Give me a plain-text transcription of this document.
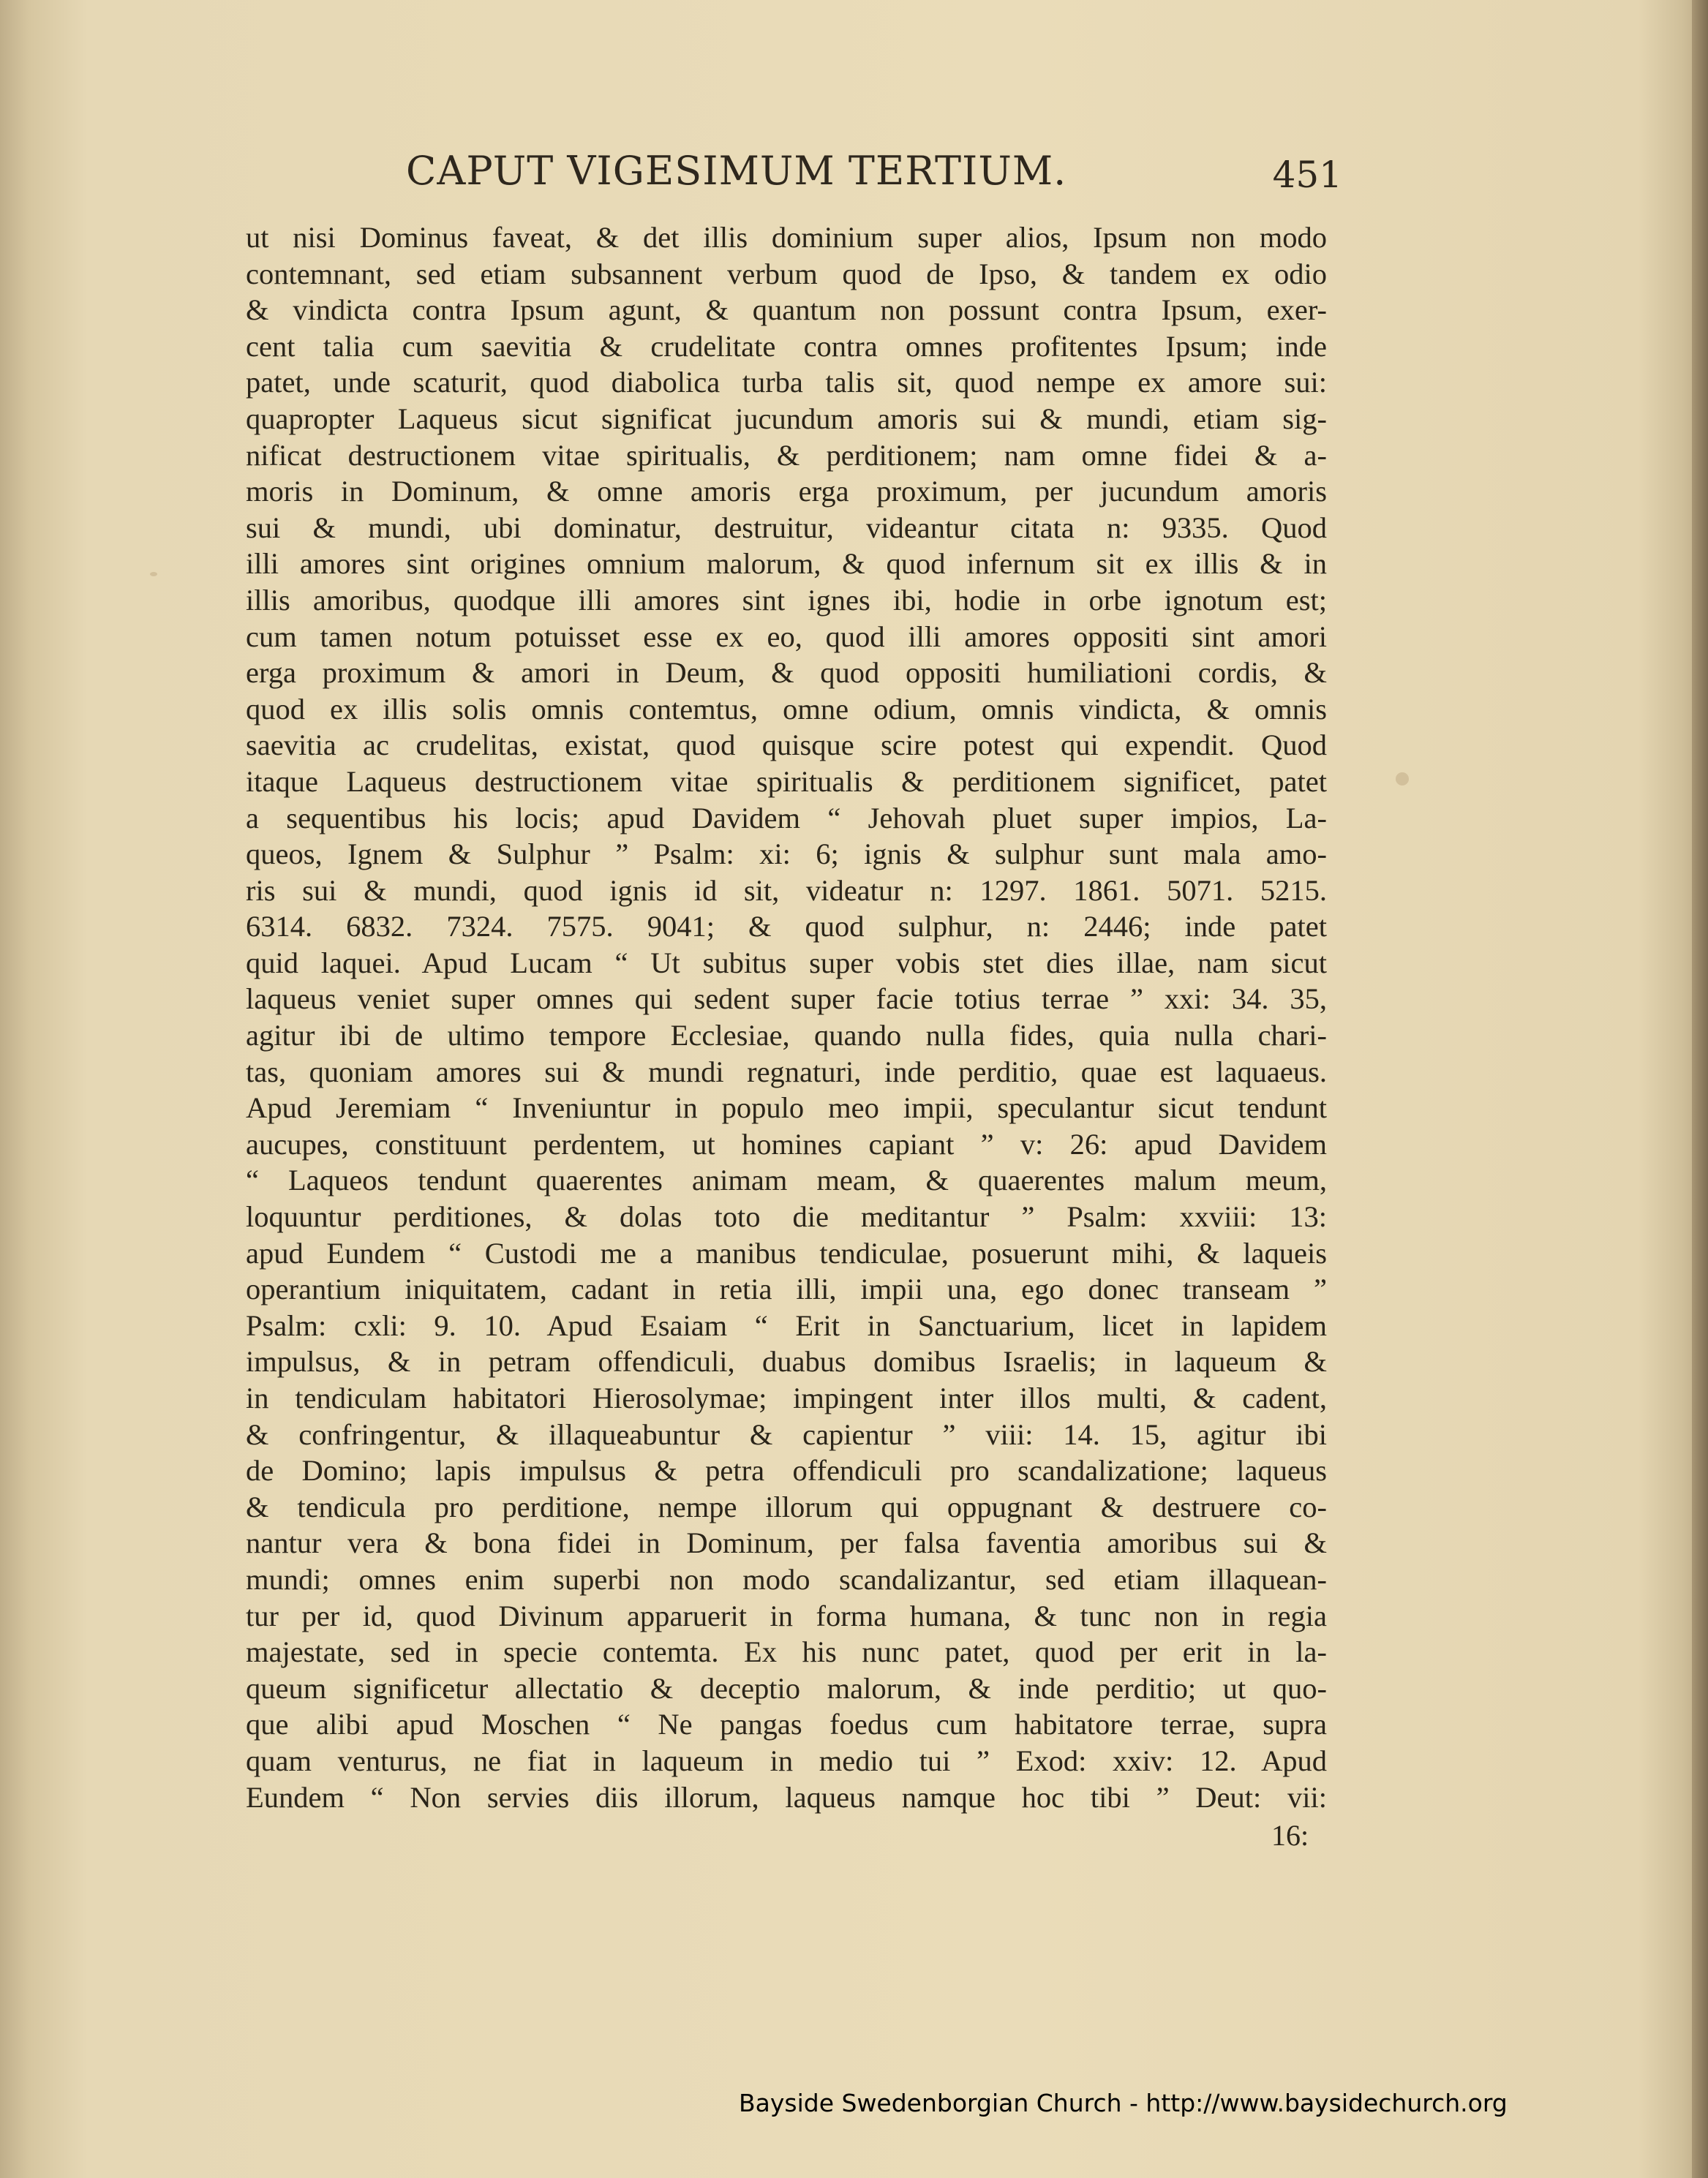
CAPUT VIGESIMUM TERTIUM.	451
ut nisi Dominus faveat, & det illis dominium super alios, Ipsum non modo
contemnant, sed etiam subsannent verbum quod de Ipso, & tandem ex odio
& vindicta contra Ipsum agunt, & quantum non possunt contra Ipsum, exer-
cent talia cum saevitia & crudelitate contra omnes profitentes Ipsum; inde
patet, unde scaturit, quod diabolica turba talis sit, quod nempe ex amore sui:
quapropter Laqueus sicut significat jucundum amoris sui & mundi, etiam sig-
nificat destructionem vitae spiritualis, & perditionem; nam omne fidei & a-
moris in Dominum, & omne amoris erga proximum, per jucundum amoris
sui & mundi, ubi dominatur, destruitur, videantur citata n: 9335. Quod
illi amores sint origines omnium malorum, & quod infernum sit ex illis & in
illis amoribus, quodque illi amores sint ignes ibi, hodie in orbe ignotum est;
cum tamen notum potuisset esse ex eo, quod illi amores oppositi sint amori
erga proximum & amori in Deum, & quod oppositi humiliationi cordis, &
quod ex illis solis omnis contemtus, omne odium, omnis vindicta, & omnis
saevitia ac crudelitas, existat, quod quisque scire potest qui expendit. Quod
itaque Laqueus destructionem vitae spiritualis & perditionem significet, patet
a sequentibus his locis; apud Davidem “ Jehovah pluet super impios, La-
queos, Ignem & Sulphur ” Psalm: xi: 6; ignis & sulphur sunt mala amo-
ris sui & mundi, quod ignis id sit, videatur n: 1297. 1861. 5071. 5215.
6314. 6832. 7324. 7575. 9041; & quod sulphur, n: 2446; inde patet
quid laquei. Apud Lucam “ Ut subitus super vobis stet dies illae, nam sicut
laqueus veniet super omnes qui sedent super facie totius terrae ” xxi: 34. 35,
agitur ibi de ultimo tempore Ecclesiae, quando nulla fides, quia nulla chari-
tas, quoniam amores sui & mundi regnaturi, inde perditio, quae est laquaeus.
Apud Jeremiam “ Inveniuntur in populo meo impii, speculantur sicut tendunt
aucupes, constituunt perdentem, ut homines capiant ” v: 26: apud Davidem
“ Laqueos tendunt quaerentes animam meam, & quaerentes malum meum,
loquuntur perditiones, & dolas toto die meditantur ” Psalm: xxviii: 13:
apud Eundem “ Custodi me a manibus tendiculae, posuerunt mihi, & laqueis
operantium iniquitatem, cadant in retia illi, impii una, ego donec transeam ”
Psalm: cxli: 9. 10. Apud Esaiam “ Erit in Sanctuarium, licet in lapidem
impulsus, & in petram offendiculi, duabus domibus Israelis; in laqueum &
in tendiculam habitatori Hierosolymae; impingent inter illos multi, & cadent,
& confringentur, & illaqueabuntur & capientur ” viii: 14. 15, agitur ibi
de Domino; lapis impulsus & petra offendiculi pro scandalizatione; laqueus
& tendicula pro perditione, nempe illorum qui oppugnant & destruere co-
nantur vera & bona fidei in Dominum, per falsa faventia amoribus sui &
mundi; omnes enim superbi non modo scandalizantur, sed etiam illaquean-
tur per id, quod Divinum apparuerit in forma humana, & tunc non in regia
majestate, sed in specie contemta. Ex his nunc patet, quod per erit in la-
queum significetur allectatio & deceptio malorum, & inde perditio; ut quo-
que alibi apud Moschen “ Ne pangas foedus cum habitatore terrae, supra
quam venturus, ne fiat in laqueum in medio tui ” Exod: xxiv: 12. Apud
Eundem “ Non servies diis illorum, laqueus namque hoc tibi ” Deut: vii:
16:
Bayside Swedenborgian Church - http://www.baysidechurch.org
